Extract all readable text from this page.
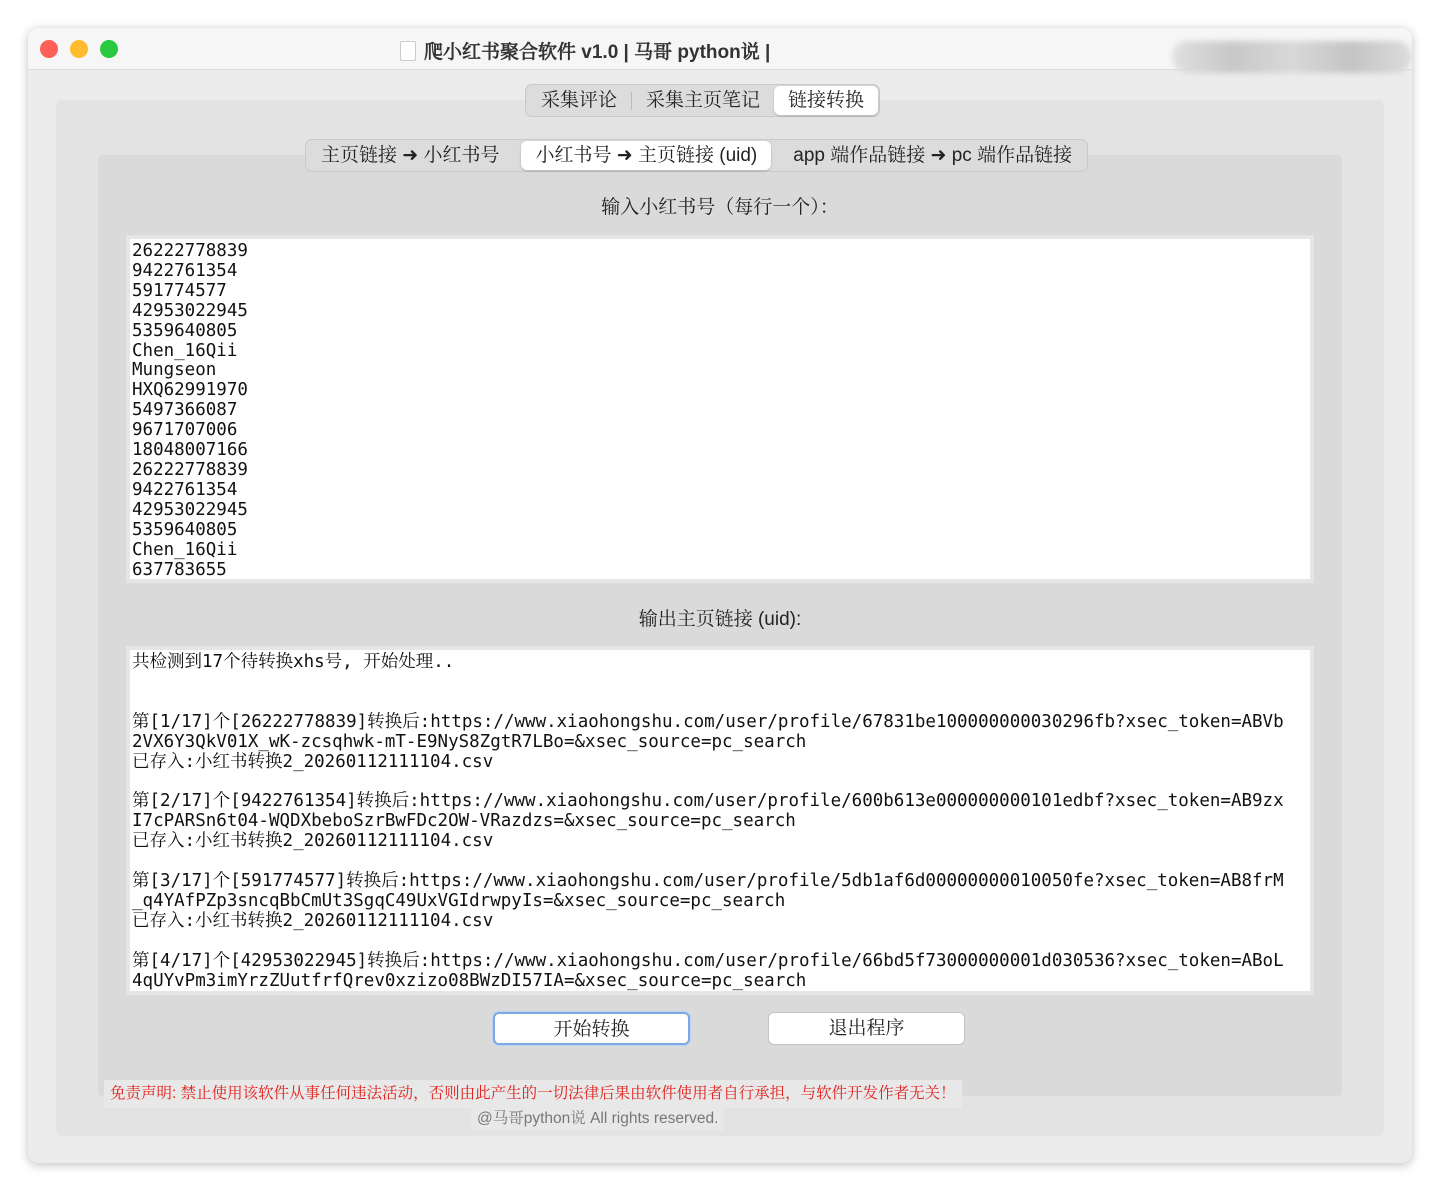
爬小红书聚合软件 v1.0 | 马哥 python说 |
采集评论	采集主页笔记	链接转换
主页链接 ➜ 小红书号	小红书号 ➜ 主页链接 (uid)	app 端作品链接 ➜ pc 端作品链接
输入小红书号（每行一个）：
26222778839
9422761354
591774577
42953022945
5359640805
Chen_16Qii
Mungseon
HXQ62991970
5497366087
9671707006
18048007166
26222778839
9422761354
42953022945
5359640805
Chen_16Qii
637783655
输出主页链接 (uid):
共检测到17个待转换xhs号, 开始处理..

第[1/17]个[26222778839]转换后:https://www.xiaohongshu.com/user/profile/67831be100000000030296fb?xsec_token=ABVb
2VX6Y3QkV01X_wK-zcsqhwk-mT-E9NyS8ZgtR7LBo=&xsec_source=pc_search
已存入:小红书转换2_20260112111104.csv

第[2/17]个[9422761354]转换后:https://www.xiaohongshu.com/user/profile/600b613e000000000101edbf?xsec_token=AB9zx
I7cPARSn6t04-WQDXbeboSzrBwFDc2OW-VRazdzs=&xsec_source=pc_search
已存入:小红书转换2_20260112111104.csv

第[3/17]个[591774577]转换后:https://www.xiaohongshu.com/user/profile/5db1af6d00000000010050fe?xsec_token=AB8frM
_q4YAfPZp3sncqBbCmUt3SgqC49UxVGIdrwpyIs=&xsec_source=pc_search
已存入:小红书转换2_20260112111104.csv

第[4/17]个[42953022945]转换后:https://www.xiaohongshu.com/user/profile/66bd5f73000000001d030536?xsec_token=ABoL
4qUYvPm3imYrzZUutfrfQrev0xzizo08BWzDI57IA=&xsec_source=pc_search
开始转换	退出程序
免责声明: 禁止使用该软件从事任何违法活动，否则由此产生的一切法律后果由软件使用者自行承担，与软件开发作者无关！
@马哥python说 All rights reserved.
